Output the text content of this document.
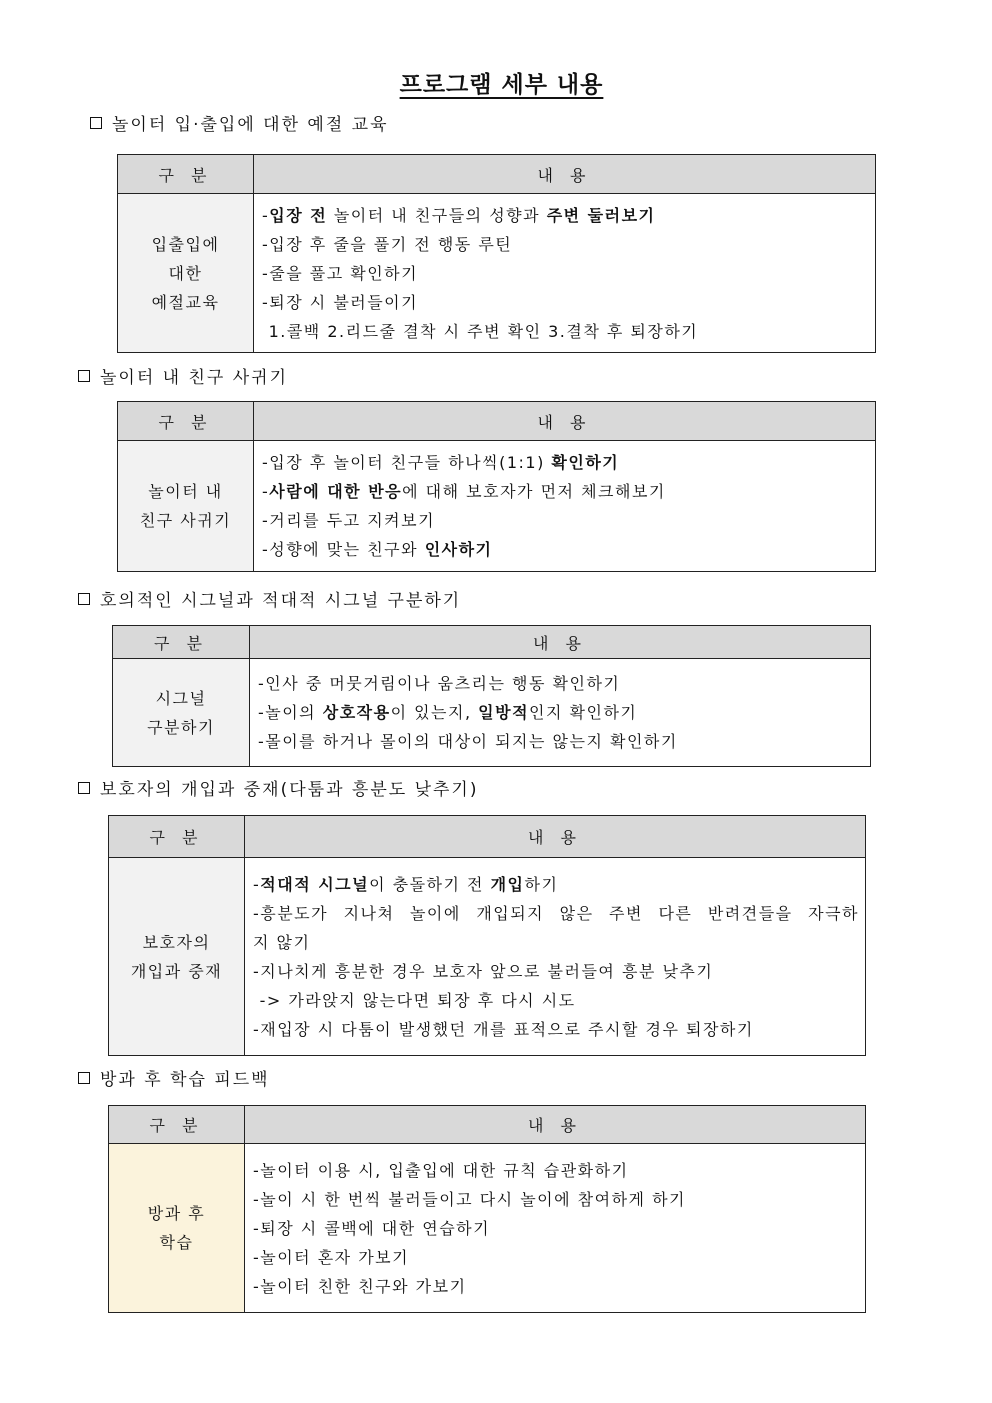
프로그램 세부 내용
놀이터 입·출입에 대한 예절 교육
구 분	내 용

입출입에
대한
예절교육	-입장 전 놀이터 내 친구들의 성향과 주변 둘러보기
-입장 후 줄을 풀기 전 행동 루틴
-줄을 풀고 확인하기
-퇴장 시 불러들이기
1.콜백 2.리드줄 결착 시 주변 확인 3.결착 후 퇴장하기
놀이터 내 친구 사귀기
구 분	내 용

놀이터 내
친구 사귀기	-입장 후 놀이터 친구들 하나씩(1:1) 확인하기
-사람에 대한 반응에 대해 보호자가 먼저 체크해보기
-거리를 두고 지켜보기
-성향에 맞는 친구와 인사하기
호의적인 시그널과 적대적 시그널 구분하기
구 분	내 용

시그널
구분하기	-인사 중 머뭇거림이나 움츠리는 행동 확인하기
-놀이의 상호작용이 있는지, 일방적인지 확인하기
-몰이를 하거나 몰이의 대상이 되지는 않는지 확인하기
보호자의 개입과 중재(다툼과 흥분도 낮추기)
구 분	내 용

보호자의
개입과 중재

-적대적 시그널이 충돌하기 전 개입하기
-흥분도가 지나쳐 놀이에 개입되지 않은 주변 다른 반려견들을 자극하
지 않기
-지나치게 흥분한 경우 보호자 앞으로 불러들여 흥분 낮추기
-> 가라앉지 않는다면 퇴장 후 다시 시도
-재입장 시 다툼이 발생했던 개를 표적으로 주시할 경우 퇴장하기
방과 후 학습 피드백
구 분	내 용

방과 후
학습	-놀이터 이용 시, 입출입에 대한 규칙 습관화하기
-놀이 시 한 번씩 불러들이고 다시 놀이에 참여하게 하기
-퇴장 시 콜백에 대한 연습하기
-놀이터 혼자 가보기
-놀이터 친한 친구와 가보기
